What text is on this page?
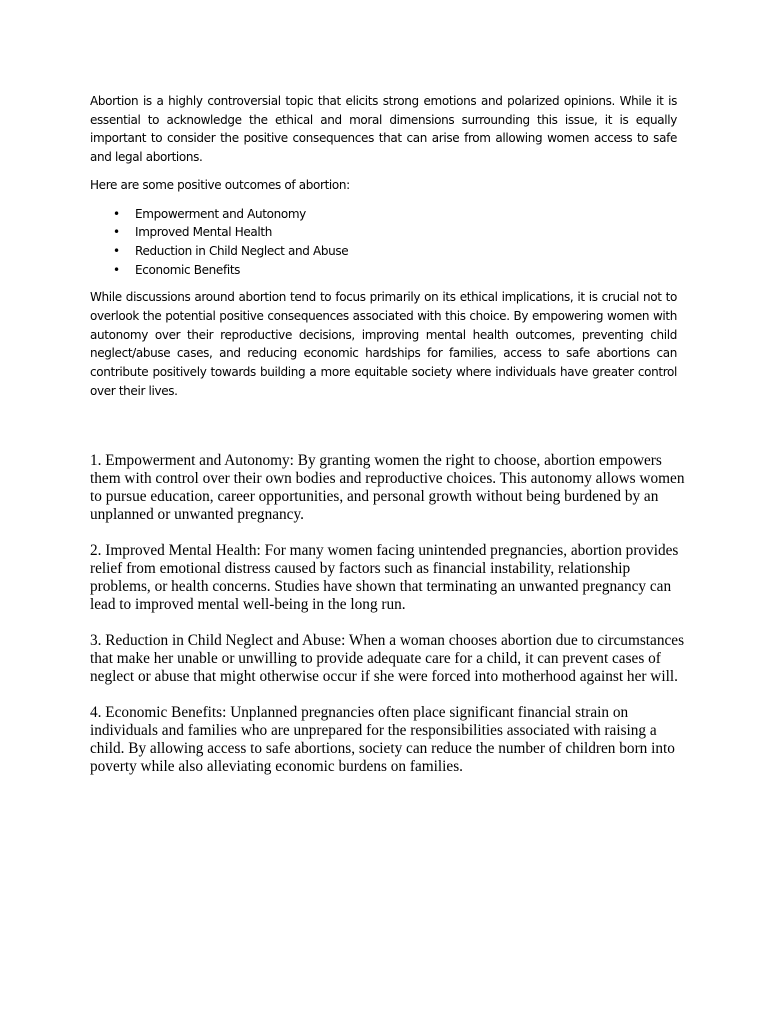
Abortion is a highly controversial topic that elicits strong emotions and polarized opinions. While it is essential to acknowledge the ethical and moral dimensions surrounding this issue, it is equally important to consider the positive consequences that can arise from allowing women access to safe and legal abortions.

Here are some positive outcomes of abortion:

• Empowerment and Autonomy
• Improved Mental Health
• Reduction in Child Neglect and Abuse
• Economic Benefits

While discussions around abortion tend to focus primarily on its ethical implications, it is crucial not to overlook the potential positive consequences associated with this choice. By empowering women with autonomy over their reproductive decisions, improving mental health outcomes, preventing child neglect/abuse cases, and reducing economic hardships for families, access to safe abortions can contribute positively towards building a more equitable society where individuals have greater control over their lives.

1. Empowerment and Autonomy: By granting women the right to choose, abortion empowers them with control over their own bodies and reproductive choices. This autonomy allows women to pursue education, career opportunities, and personal growth without being burdened by an unplanned or unwanted pregnancy.

2. Improved Mental Health: For many women facing unintended pregnancies, abortion provides relief from emotional distress caused by factors such as financial instability, relationship problems, or health concerns. Studies have shown that terminating an unwanted pregnancy can lead to improved mental well-being in the long run.

3. Reduction in Child Neglect and Abuse: When a woman chooses abortion due to circumstances that make her unable or unwilling to provide adequate care for a child, it can prevent cases of neglect or abuse that might otherwise occur if she were forced into motherhood against her will.

4. Economic Benefits: Unplanned pregnancies often place significant financial strain on individuals and families who are unprepared for the responsibilities associated with raising a child. By allowing access to safe abortions, society can reduce the number of children born into poverty while also alleviating economic burdens on families.
